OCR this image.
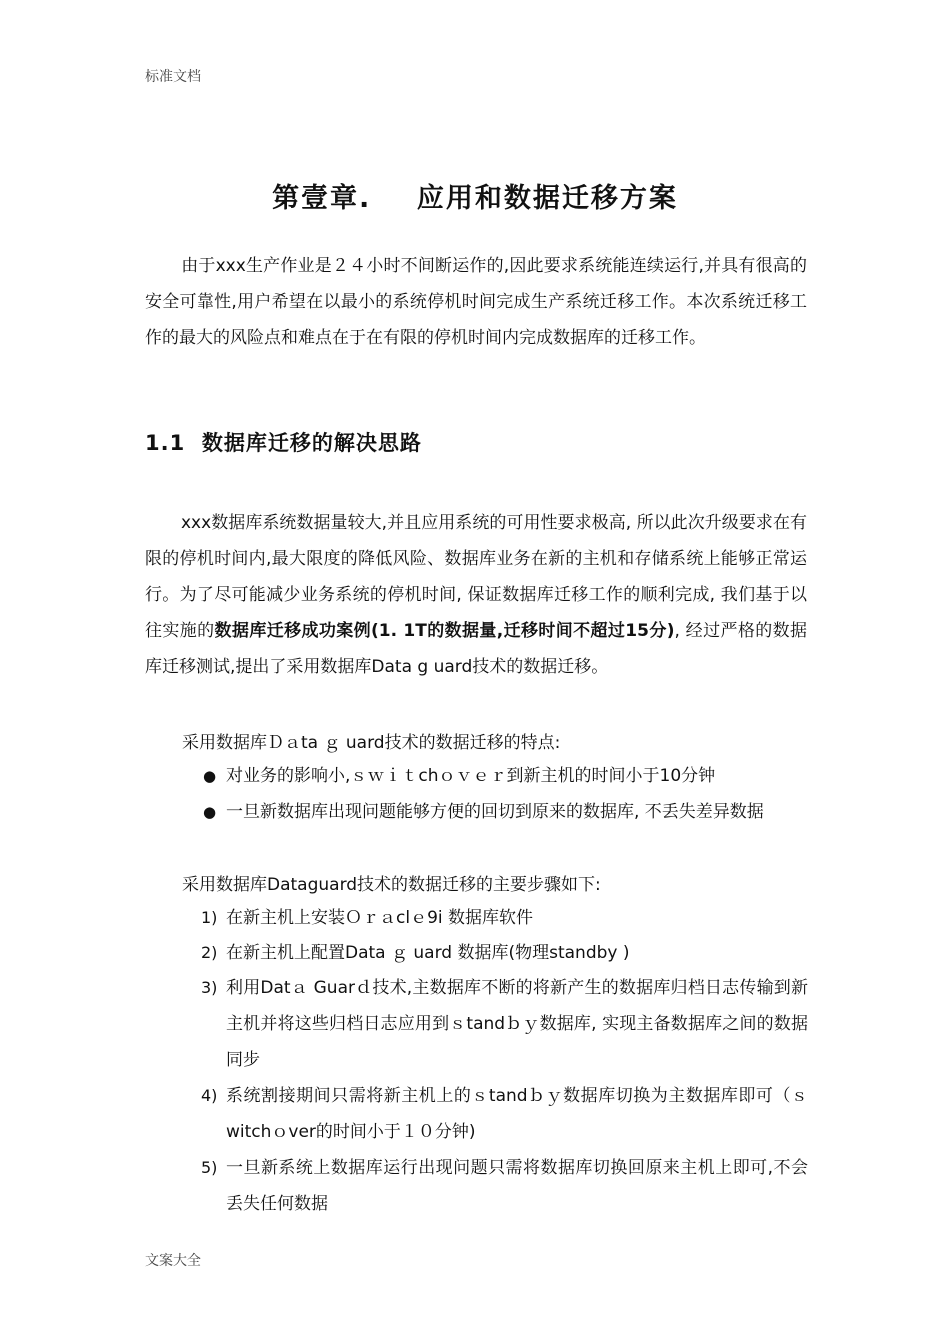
标准文档
第壹章.    应用和数据迁移方案

由于xxx生产作业是２４小时不间断运作的,因此要求系统能连续运行,并具有很高的安全可靠性,用户希望在以最小的系统停机时间完成生产系统迁移工作。本次系统迁移工作的最大的风险点和难点在于在有限的停机时间内完成数据库的迁移工作。

1.1  数据库迁移的解决思路

xxx数据库系统数据量较大,并且应用系统的可用性要求极高, 所以此次升级要求在有限的停机时间内,最大限度的降低风险、数据库业务在新的主机和存储系统上能够正常运行。为了尽可能减少业务系统的停机时间, 保证数据库迁移工作的顺利完成, 我们基于以往实施的数据库迁移成功案例(1. 1T的数据量,迁移时间不超过15分), 经过严格的数据库迁移测试,提出了采用数据库Data g uard技术的数据迁移。

采用数据库Ｄａta ｇ uard技术的数据迁移的特点:
● 对业务的影响小,ｓｗｉｔchｏｖｅｒ到新主机的时间小于10分钟
● 一旦新数据库出现问题能够方便的回切到原来的数据库, 不丢失差异数据
采用数据库Dataguard技术的数据迁移的主要步骤如下:
1) 在新主机上安装Ｏｒａclｅ9i 数据库软件
2) 在新主机上配置Data ｇ uard 数据库(物理standby )
3) 利用Datａ Guarｄ技术,主数据库不断的将新产生的数据库归档日志传输到新主机并将这些归档日志应用到ｓtandｂｙ数据库, 实现主备数据库之间的数据同步
4) 系统割接期间只需将新主机上的ｓtandｂｙ数据库切换为主数据库即可（ｓwitchｏver的时间小于１０分钟)
5) 一旦新系统上数据库运行出现问题只需将数据库切换回原来主机上即可,不会丢失任何数据
文案大全
